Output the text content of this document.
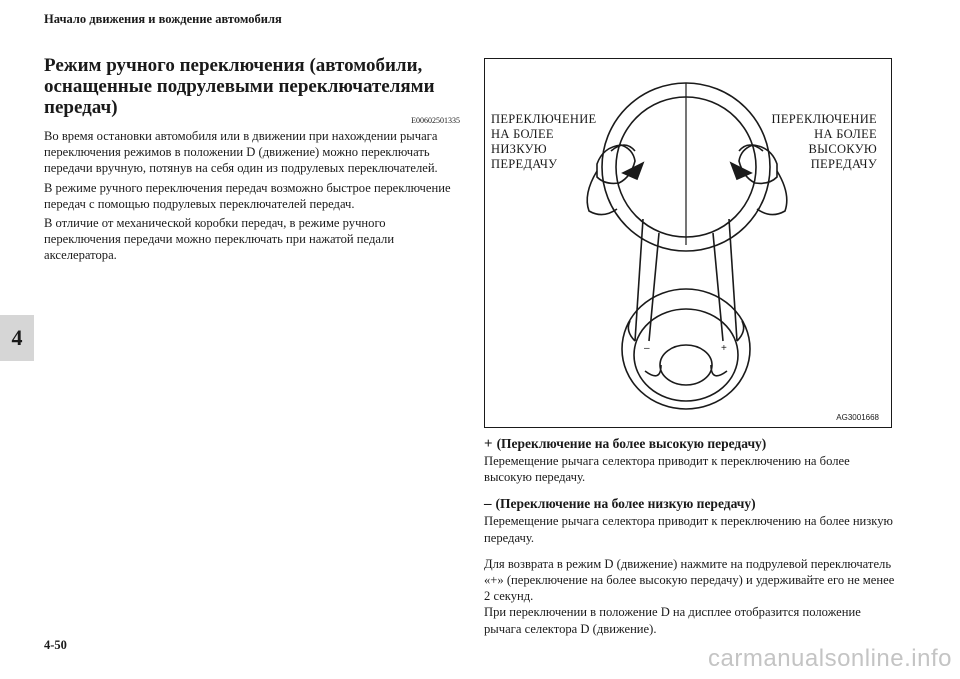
Начало движения и вождение автомобиля
4
Режим ручного переключения (автомобили, оснащенные подрулевыми переключателями передач)
E00602501335

Во время остановки автомобиля или в движении при нахождении рычага переключения режимов в положении D (движение) можно переключать передачи вручную, потянув на себя один из подрулевых переключателей.

В режиме ручного переключения передач возможно быстрое переключение передач с помощью подрулевых переключателей передач.

В отличие от механической коробки передач, в режиме ручного переключения передачи можно переключать при нажатой педали акселератора.

–	+
ПЕРЕКЛЮЧЕНИЕ
НА БОЛЕЕ
НИЗКУЮ
ПЕРЕДАЧУ
ПЕРЕКЛЮЧЕНИЕ
НА БОЛЕЕ
ВЫСОКУЮ
ПЕРЕДАЧУ
AG3001668
+ (Переключение на более высокую передачу)

Перемещение рычага селектора приводит к переключению на более высокую передачу.

– (Переключение на более низкую передачу)

Перемещение рычага селектора приводит к переключению на более низкую передачу.

Для возврата в режим D (движение) нажмите на подрулевой переключатель «+» (переключение на более высокую передачу) и удерживайте его не менее 2 секунд.

При переключении в положение D на дисплее отобразится положение рычага селектора D (движение).

4-50	carmanualsonline.info
